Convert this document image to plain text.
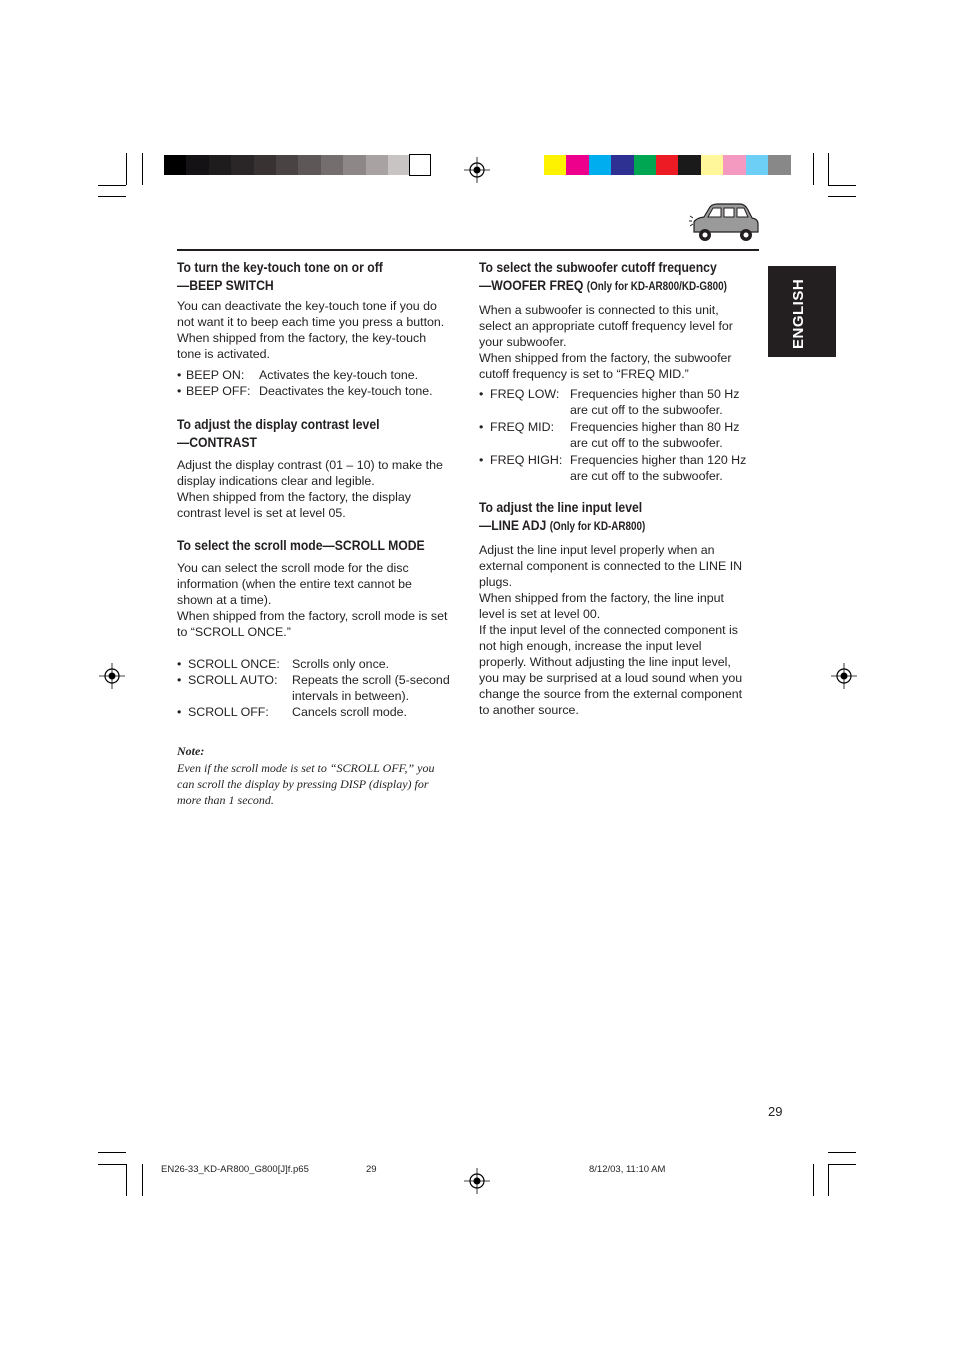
ENGLISH
To turn the key-touch tone on or off
—BEEP SWITCH
You can deactivate the key-touch tone if you do
not want it to beep each time you press a button.
When shipped from the factory, the key-touch
tone is activated.
• BEEP ON: Activates the key-touch tone.
• BEEP OFF: Deactivates the key-touch tone.
To adjust the display contrast level
—CONTRAST
Adjust the display contrast (01 – 10) to make the
display indications clear and legible.
When shipped from the factory, the display
contrast level is set at level 05.
To select the scroll mode—SCROLL MODE
You can select the scroll mode for the disc
information (when the entire text cannot be
shown at a time).
When shipped from the factory, scroll mode is set
to “SCROLL ONCE.”
• SCROLL ONCE: Scrolls only once.
• SCROLL AUTO: Repeats the scroll (5-second
intervals in between).
• SCROLL OFF: Cancels scroll mode.
Note:
Even if the scroll mode is set to “SCROLL OFF,” you
can scroll the display by pressing DISP (display) for
more than 1 second.
To select the subwoofer cutoff frequency
—WOOFER FREQ (Only for KD-AR800/KD-G800)
When a subwoofer is connected to this unit,
select an appropriate cutoff frequency level for
your subwoofer.
When shipped from the factory, the subwoofer
cutoff frequency is set to “FREQ MID.”
• FREQ LOW: Frequencies higher than 50 Hz
are cut off to the subwoofer.
• FREQ MID: Frequencies higher than 80 Hz
are cut off to the subwoofer.
• FREQ HIGH: Frequencies higher than 120 Hz
are cut off to the subwoofer.
To adjust the line input level
—LINE ADJ (Only for KD-AR800)
Adjust the line input level properly when an
external component is connected to the LINE IN
plugs.
When shipped from the factory, the line input
level is set at level 00.
If the input level of the connected component is
not high enough, increase the input level
properly. Without adjusting the line input level,
you may be surprised at a loud sound when you
change the source from the external component
to another source.
29
EN26-33_KD-AR800_G800[J]f.p65	29	8/12/03, 11:10 AM
